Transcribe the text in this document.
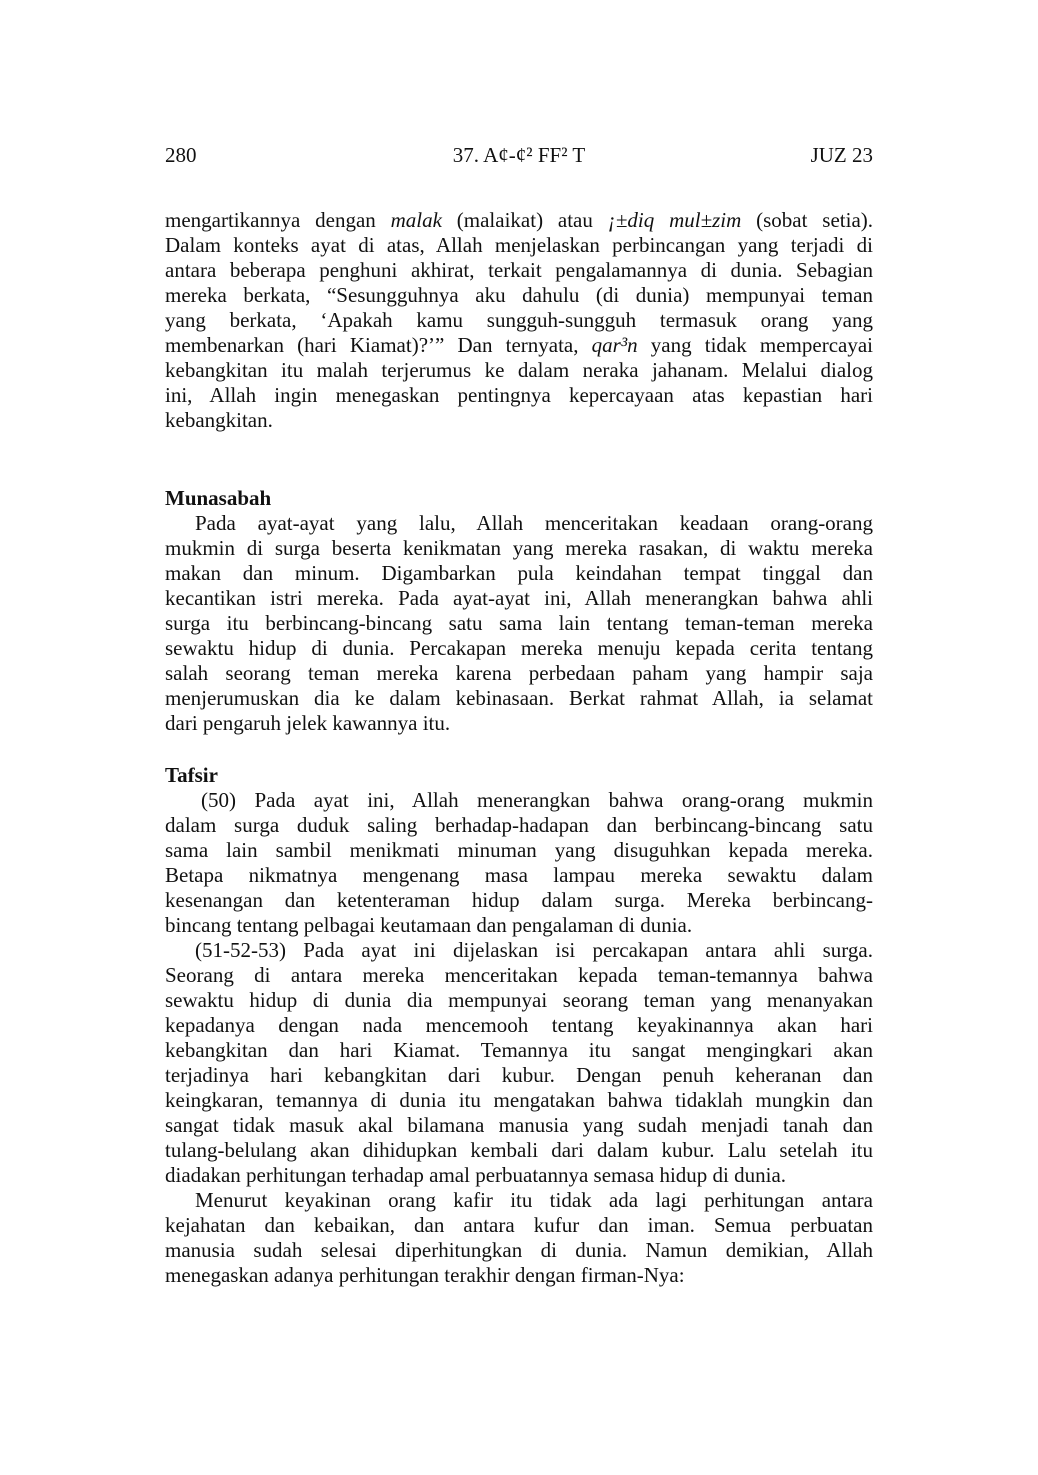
280	37. A¢-¢² FF² T	JUZ 23
mengartikannya dengan malak (malaikat) atau ¡±diq mul±zim (sobat setia).
Dalam konteks ayat di atas, Allah menjelaskan perbincangan yang terjadi di
antara beberapa penghuni akhirat, terkait pengalamannya di dunia. Sebagian
mereka berkata, “Sesungguhnya aku dahulu (di dunia) mempunyai teman
yang berkata, ‘Apakah kamu sungguh-sungguh termasuk orang yang
membenarkan (hari Kiamat)?’” Dan ternyata, qar³n yang tidak mempercayai
kebangkitan itu malah terjerumus ke dalam neraka jahanam. Melalui dialog
ini, Allah ingin menegaskan pentingnya kepercayaan atas kepastian hari
kebangkitan.
Munasabah
Pada ayat-ayat yang lalu, Allah menceritakan keadaan orang-orang
mukmin di surga beserta kenikmatan yang mereka rasakan, di waktu mereka
makan dan minum. Digambarkan pula keindahan tempat tinggal dan
kecantikan istri mereka. Pada ayat-ayat ini, Allah menerangkan bahwa ahli
surga itu berbincang-bincang satu sama lain tentang teman-teman mereka
sewaktu hidup di dunia. Percakapan mereka menuju kepada cerita tentang
salah seorang teman mereka karena perbedaan paham yang hampir saja
menjerumuskan dia ke dalam kebinasaan. Berkat rahmat Allah, ia selamat
dari pengaruh jelek kawannya itu.
Tafsir
(50) Pada ayat ini, Allah menerangkan bahwa orang-orang mukmin
dalam surga duduk saling berhadap-hadapan dan berbincang-bincang satu
sama lain sambil menikmati minuman yang disuguhkan kepada mereka.
Betapa nikmatnya mengenang masa lampau mereka sewaktu dalam
kesenangan dan ketenteraman hidup dalam surga. Mereka berbincang-
bincang tentang pelbagai keutamaan dan pengalaman di dunia.
(51-52-53) Pada ayat ini dijelaskan isi percakapan antara ahli surga.
Seorang di antara mereka menceritakan kepada teman-temannya bahwa
sewaktu hidup di dunia dia mempunyai seorang teman yang menanyakan
kepadanya dengan nada mencemooh tentang keyakinannya akan hari
kebangkitan dan hari Kiamat. Temannya itu sangat mengingkari akan
terjadinya hari kebangkitan dari kubur. Dengan penuh keheranan dan
keingkaran, temannya di dunia itu mengatakan bahwa tidaklah mungkin dan
sangat tidak masuk akal bilamana manusia yang sudah menjadi tanah dan
tulang-belulang akan dihidupkan kembali dari dalam kubur. Lalu setelah itu
diadakan perhitungan terhadap amal perbuatannya semasa hidup di dunia.
Menurut keyakinan orang kafir itu tidak ada lagi perhitungan antara
kejahatan dan kebaikan, dan antara kufur dan iman. Semua perbuatan
manusia sudah selesai diperhitungkan di dunia. Namun demikian, Allah
menegaskan adanya perhitungan terakhir dengan firman-Nya:
